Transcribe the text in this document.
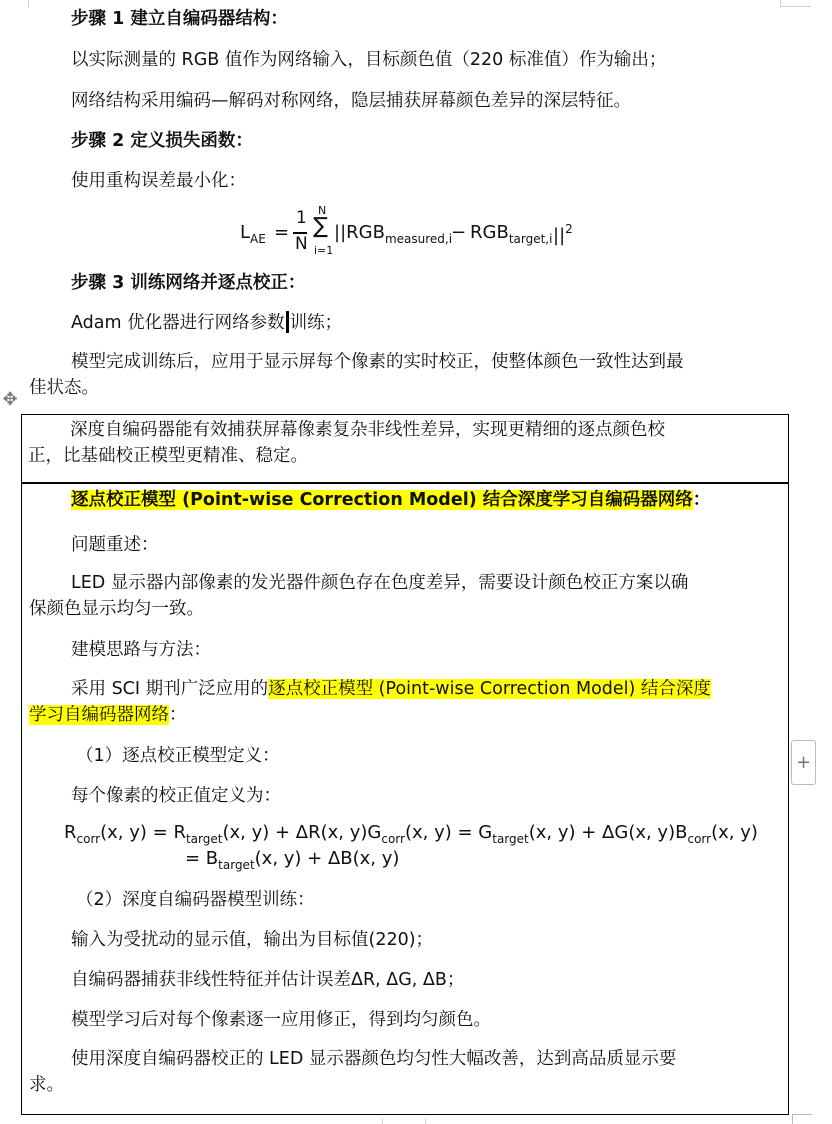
步骤 1 建立自编码器结构：
以实际测量的 RGB 值作为网络输入，目标颜色值（220 标准值）作为输出；
网络结构采用编码—解码对称网络，隐层捕获屏幕颜色差异的深层特征。
步骤 2 定义损失函数：
使用重构误差最小化：
$L_{AE}$ =
1
N
N
∑
i=1
$||RGB_{measured,i}$
− $RGB_{target,i}$ $||^2$
步骤 3 训练网络并逐点校正：
Adam 优化器进行网络参数 训练；
模型完成训练后，应用于显示屏每个像素的实时校正，使整体颜色一致性达到最
佳状态。
✥
深度自编码器能有效捕获屏幕像素复杂非线性差异，实现更精细的逐点颜色校
正，比基础校正模型更精准、稳定。
逐点校正模型 (Point-wise Correction Model) 结合深度学习自编码器网络：
问题重述：
LED 显示器内部像素的发光器件颜色存在色度差异，需要设计颜色校正方案以确
保颜色显示均匀一致。
建模思路与方法：
采用 SCI 期刊广泛应用的逐点校正模型 (Point-wise Correction Model) 结合深度
学习自编码器网络：
（1）逐点校正模型定义：
每个像素的校正值定义为：
$R_{corr}(x$, $y) = R_{target}(x$, y) + ΔR(x, $y)G_{corr}(x$, $y) = G_{target}(x$, y) + ΔG(x, $y)B_{corr}(x$, y)
= $B_{target}(x$, y) + ΔB(x, y)
（2）深度自编码器模型训练：
输入为受扰动的显示值，输出为目标值(220)；
自编码器捕获非线性特征并估计误差ΔR, ΔG, ΔB；
模型学习后对每个像素逐一应用修正，得到均匀颜色。
使用深度自编码器校正的 LED 显示器颜色均匀性大幅改善，达到高品质显示要
求。
+
